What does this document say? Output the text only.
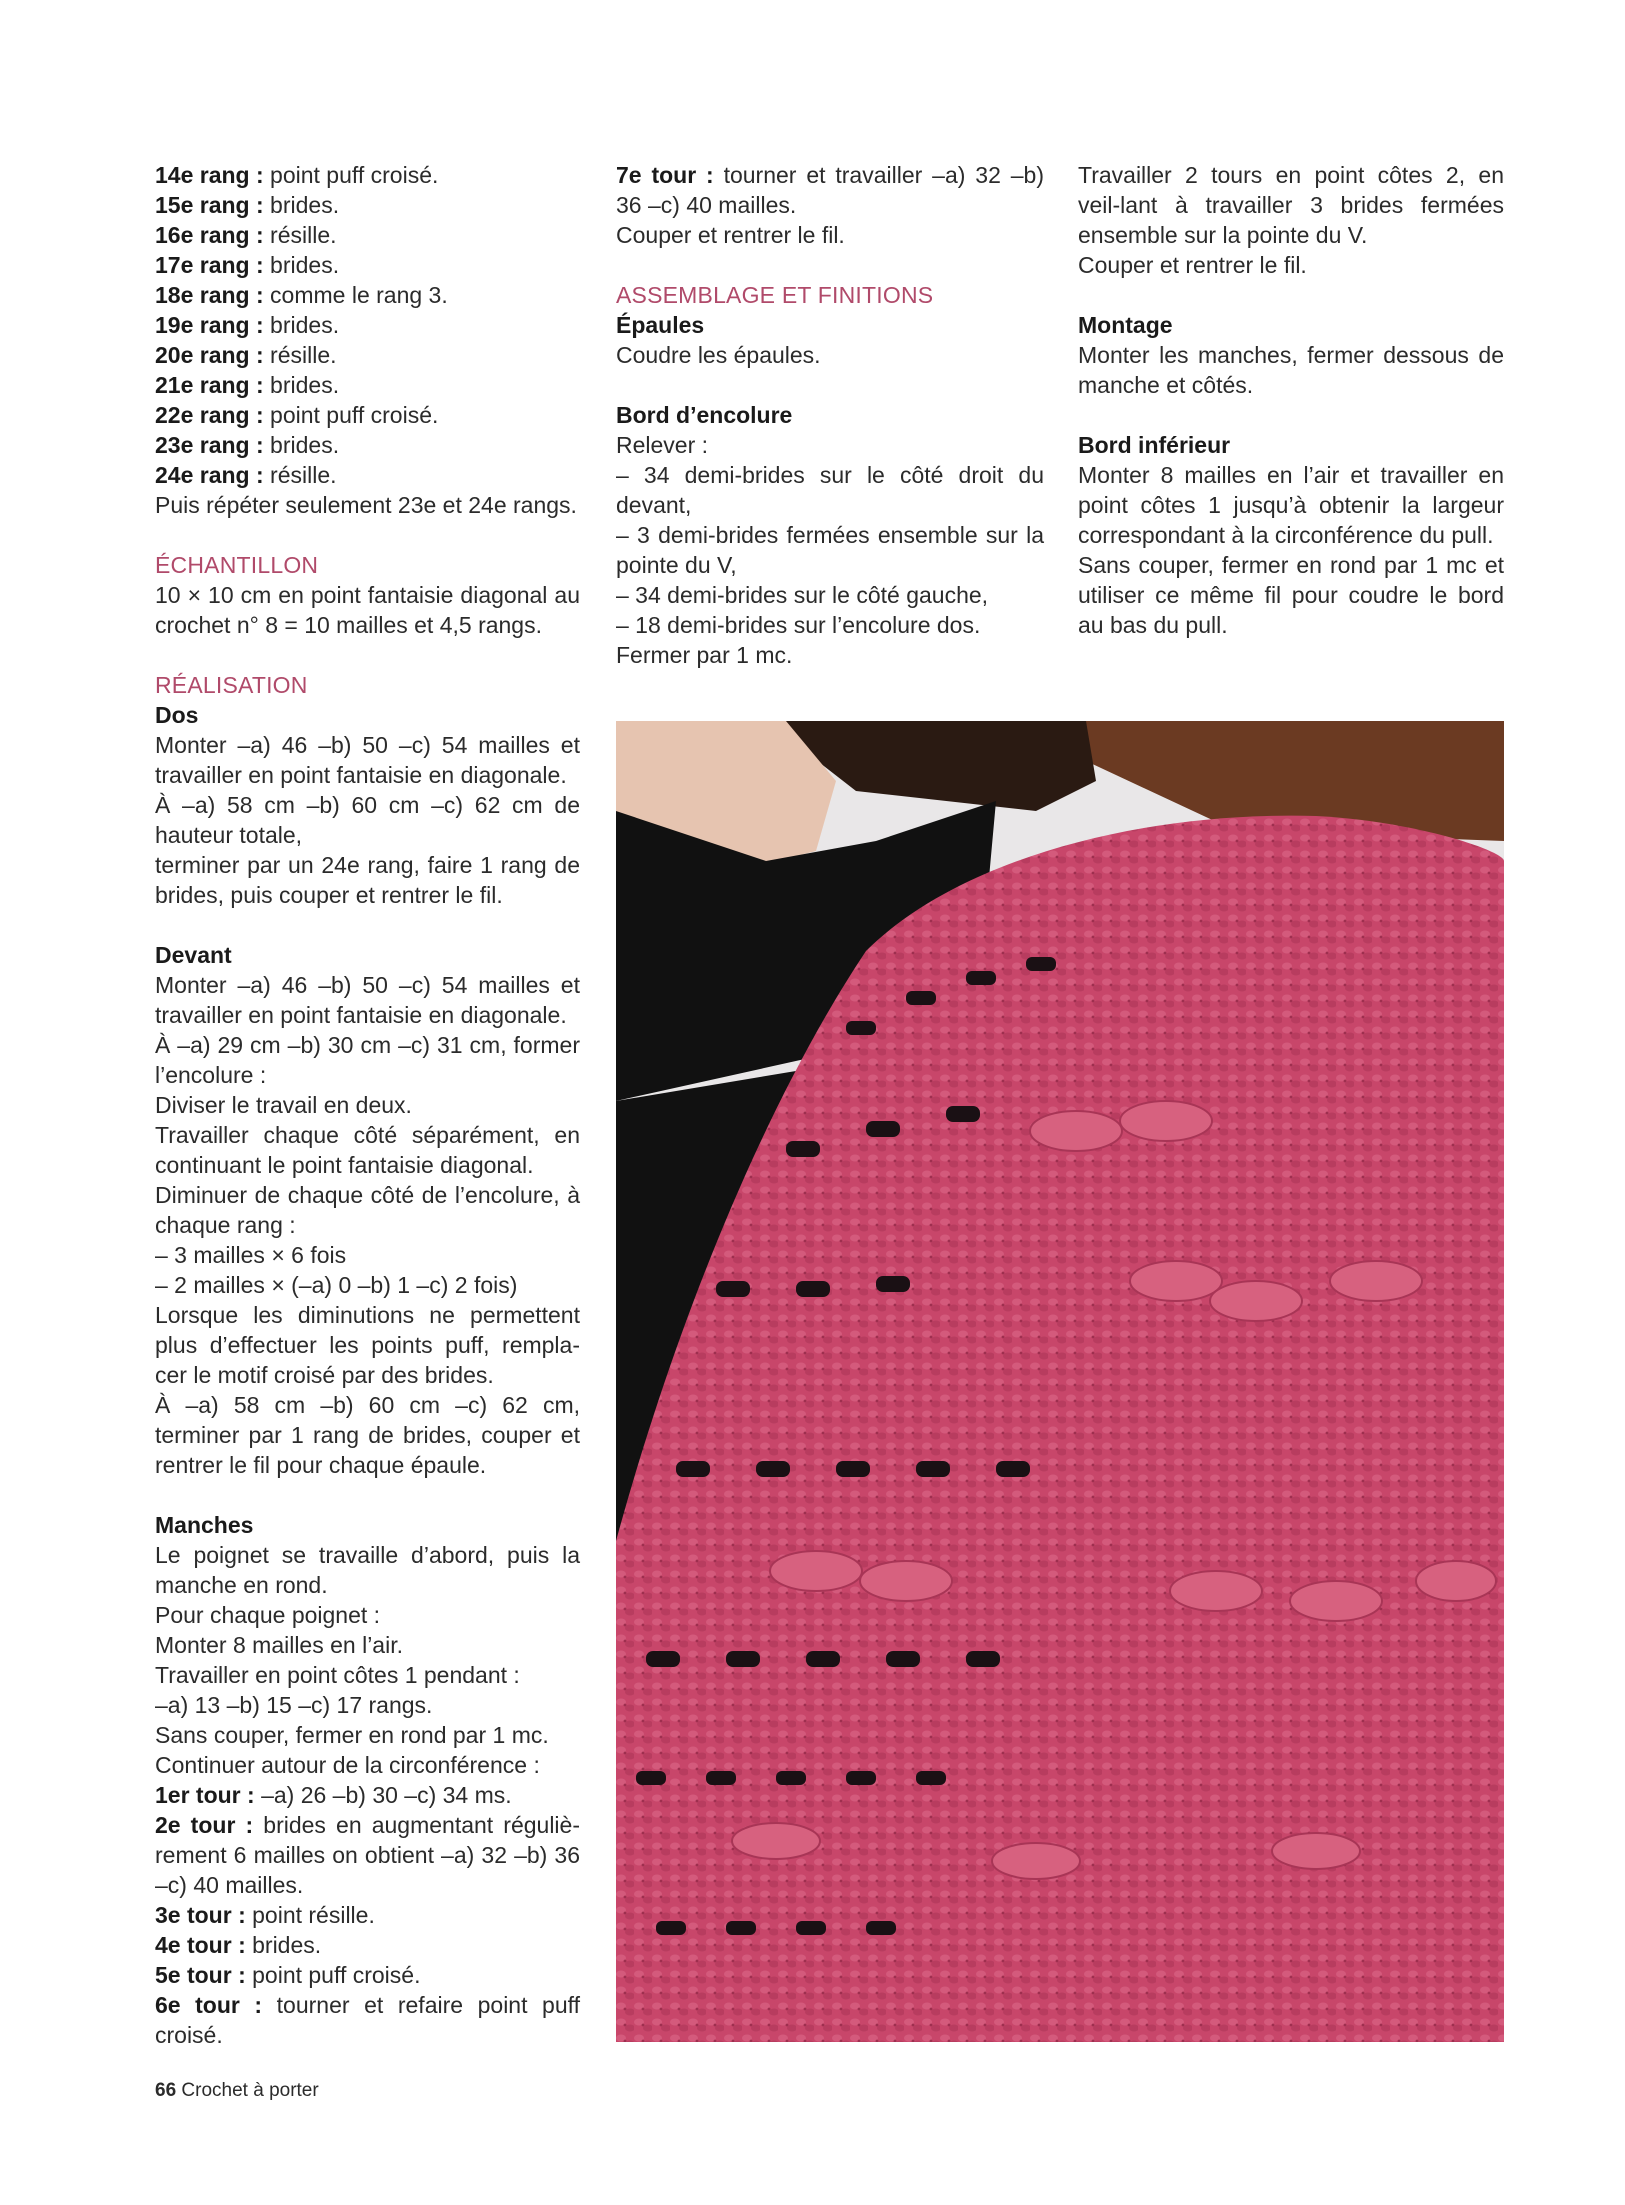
14e rang : point puff croisé.
15e rang : brides.
16e rang : résille.
17e rang : brides.
18e rang : comme le rang 3.
19e rang : brides.
20e rang : résille.
21e rang : brides.
22e rang : point puff croisé.
23e rang : brides.
24e rang : résille.
Puis répéter seulement 23e et 24e rangs.
ÉCHANTILLON
10 × 10 cm en point fantaisie diagonal au crochet n° 8 = 10 mailles et 4,5 rangs.
RÉALISATION
Dos
Monter –a) 46 –b) 50 –c) 54 mailles et travailler en point fantaisie en diagonale.
À –a) 58 cm –b) 60 cm –c) 62 cm de hauteur totale,
terminer par un 24e rang, faire 1 rang de brides, puis couper et rentrer le fil.
Devant
Monter –a) 46 –b) 50 –c) 54 mailles et travailler en point fantaisie en diagonale.
À –a) 29 cm –b) 30 cm –c) 31 cm, former l’encolure :
Diviser le travail en deux.
Travailler chaque côté séparément, en continuant le point fantaisie diagonal.
Diminuer de chaque côté de l’encolure, à chaque rang :
– 3 mailles × 6 fois
– 2 mailles × (–a) 0 –b) 1 –c) 2 fois)
Lorsque les diminutions ne permettent plus d’effectuer les points puff, rempla-cer le motif croisé par des brides.
À –a) 58 cm –b) 60 cm –c) 62 cm, terminer par 1 rang de brides, couper et rentrer le fil pour chaque épaule.
Manches
Le poignet se travaille d’abord, puis la manche en rond.
Pour chaque poignet :
Monter 8 mailles en l’air.
Travailler en point côtes 1 pendant :
–a) 13 –b) 15 –c) 17 rangs.
Sans couper, fermer en rond par 1 mc.
Continuer autour de la circonférence :
1er tour : –a) 26 –b) 30 –c) 34 ms.
2e tour : brides en augmentant réguliè-rement 6 mailles on obtient –a) 32 –b) 36 –c) 40 mailles.
3e tour : point résille.
4e tour : brides.
5e tour : point puff croisé.
6e tour : tourner et refaire point puff croisé.
7e tour : tourner et travailler –a) 32 –b) 36 –c) 40 mailles.
Couper et rentrer le fil.
ASSEMBLAGE ET FINITIONS
Épaules
Coudre les épaules.
Bord d’encolure
Relever :
– 34 demi-brides sur le côté droit du devant,
– 3 demi-brides fermées ensemble sur la pointe du V,
– 34 demi-brides sur le côté gauche,
– 18 demi-brides sur l’encolure dos.
Fermer par 1 mc.
Travailler 2 tours en point côtes 2, en veil-lant à travailler 3 brides fermées ensemble sur la pointe du V.
Couper et rentrer le fil.
Montage
Monter les manches, fermer dessous de manche et côtés.
Bord inférieur
Monter 8 mailles en l’air et travailler en point côtes 1 jusqu’à obtenir la largeur correspondant à la circonférence du pull.
Sans couper, fermer en rond par 1 mc et utiliser ce même fil pour coudre le bord au bas du pull.
66 Crochet à porter
